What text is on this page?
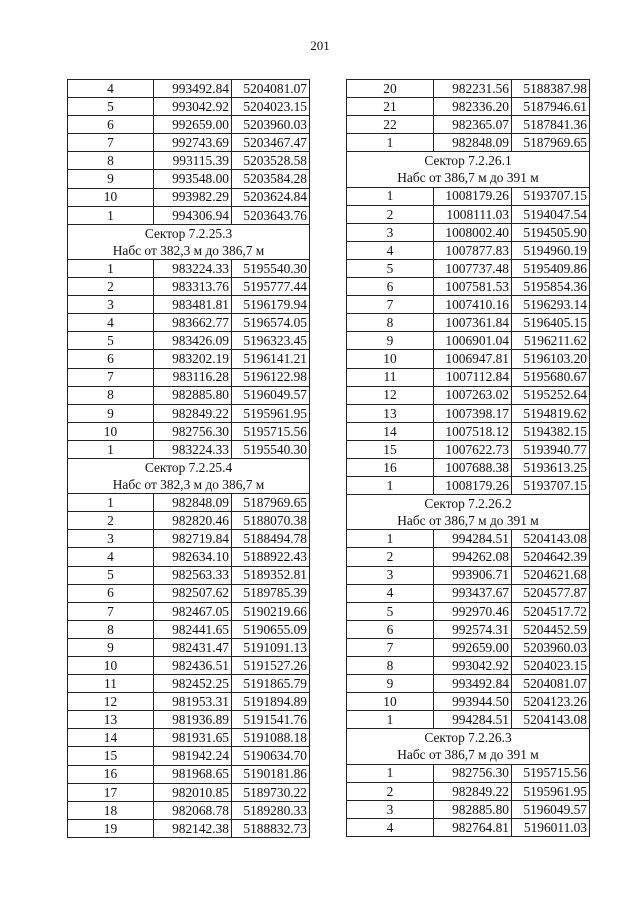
201
4	993492.84	5204081.07
5	993042.92	5204023.15
6	992659.00	5203960.03
7	992743.69	5203467.47
8	993115.39	5203528.58
9	993548.00	5203584.28
10	993982.29	5203624.84
1	994306.94	5203643.76
Сектор 7.2.25.3		
Набс от 382,3 м до 386,7 м		
1	983224.33	5195540.30
2	983313.76	5195777.44
3	983481.81	5196179.94
4	983662.77	5196574.05
5	983426.09	5196323.45
6	983202.19	5196141.21
7	983116.28	5196122.98
8	982885.80	5196049.57
9	982849.22	5195961.95
10	982756.30	5195715.56
1	983224.33	5195540.30
Сектор 7.2.25.4		
Набс от 382,3 м до 386,7 м		
1	982848.09	5187969.65
2	982820.46	5188070.38
3	982719.84	5188494.78
4	982634.10	5188922.43
5	982563.33	5189352.81
6	982507.62	5189785.39
7	982467.05	5190219.66
8	982441.65	5190655.09
9	982431.47	5191091.13
10	982436.51	5191527.26
11	982452.25	5191865.79
12	981953.31	5191894.89
13	981936.89	5191541.76
14	981931.65	5191088.18
15	981942.24	5190634.70
16	981968.65	5190181.86
17	982010.85	5189730.22
18	982068.78	5189280.33
19	982142.38	5188832.73
20	982231.56	5188387.98
21	982336.20	5187946.61
22	982365.07	5187841.36
1	982848.09	5187969.65
Сектор 7.2.26.1		
Набс от 386,7 м до 391 м		
1	1008179.26	5193707.15
2	1008111.03	5194047.54
3	1008002.40	5194505.90
4	1007877.83	5194960.19
5	1007737.48	5195409.86
6	1007581.53	5195854.36
7	1007410.16	5196293.14
8	1007361.84	5196405.15
9	1006901.04	5196211.62
10	1006947.81	5196103.20
11	1007112.84	5195680.67
12	1007263.02	5195252.64
13	1007398.17	5194819.62
14	1007518.12	5194382.15
15	1007622.73	5193940.77
16	1007688.38	5193613.25
1	1008179.26	5193707.15
Сектор 7.2.26.2		
Набс от 386,7 м до 391 м		
1	994284.51	5204143.08
2	994262.08	5204642.39
3	993906.71	5204621.68
4	993437.67	5204577.87
5	992970.46	5204517.72
6	992574.31	5204452.59
7	992659.00	5203960.03
8	993042.92	5204023.15
9	993492.84	5204081.07
10	993944.50	5204123.26
1	994284.51	5204143.08
Сектор 7.2.26.3		
Набс от 386,7 м до 391 м		
1	982756.30	5195715.56
2	982849.22	5195961.95
3	982885.80	5196049.57
4	982764.81	5196011.03
